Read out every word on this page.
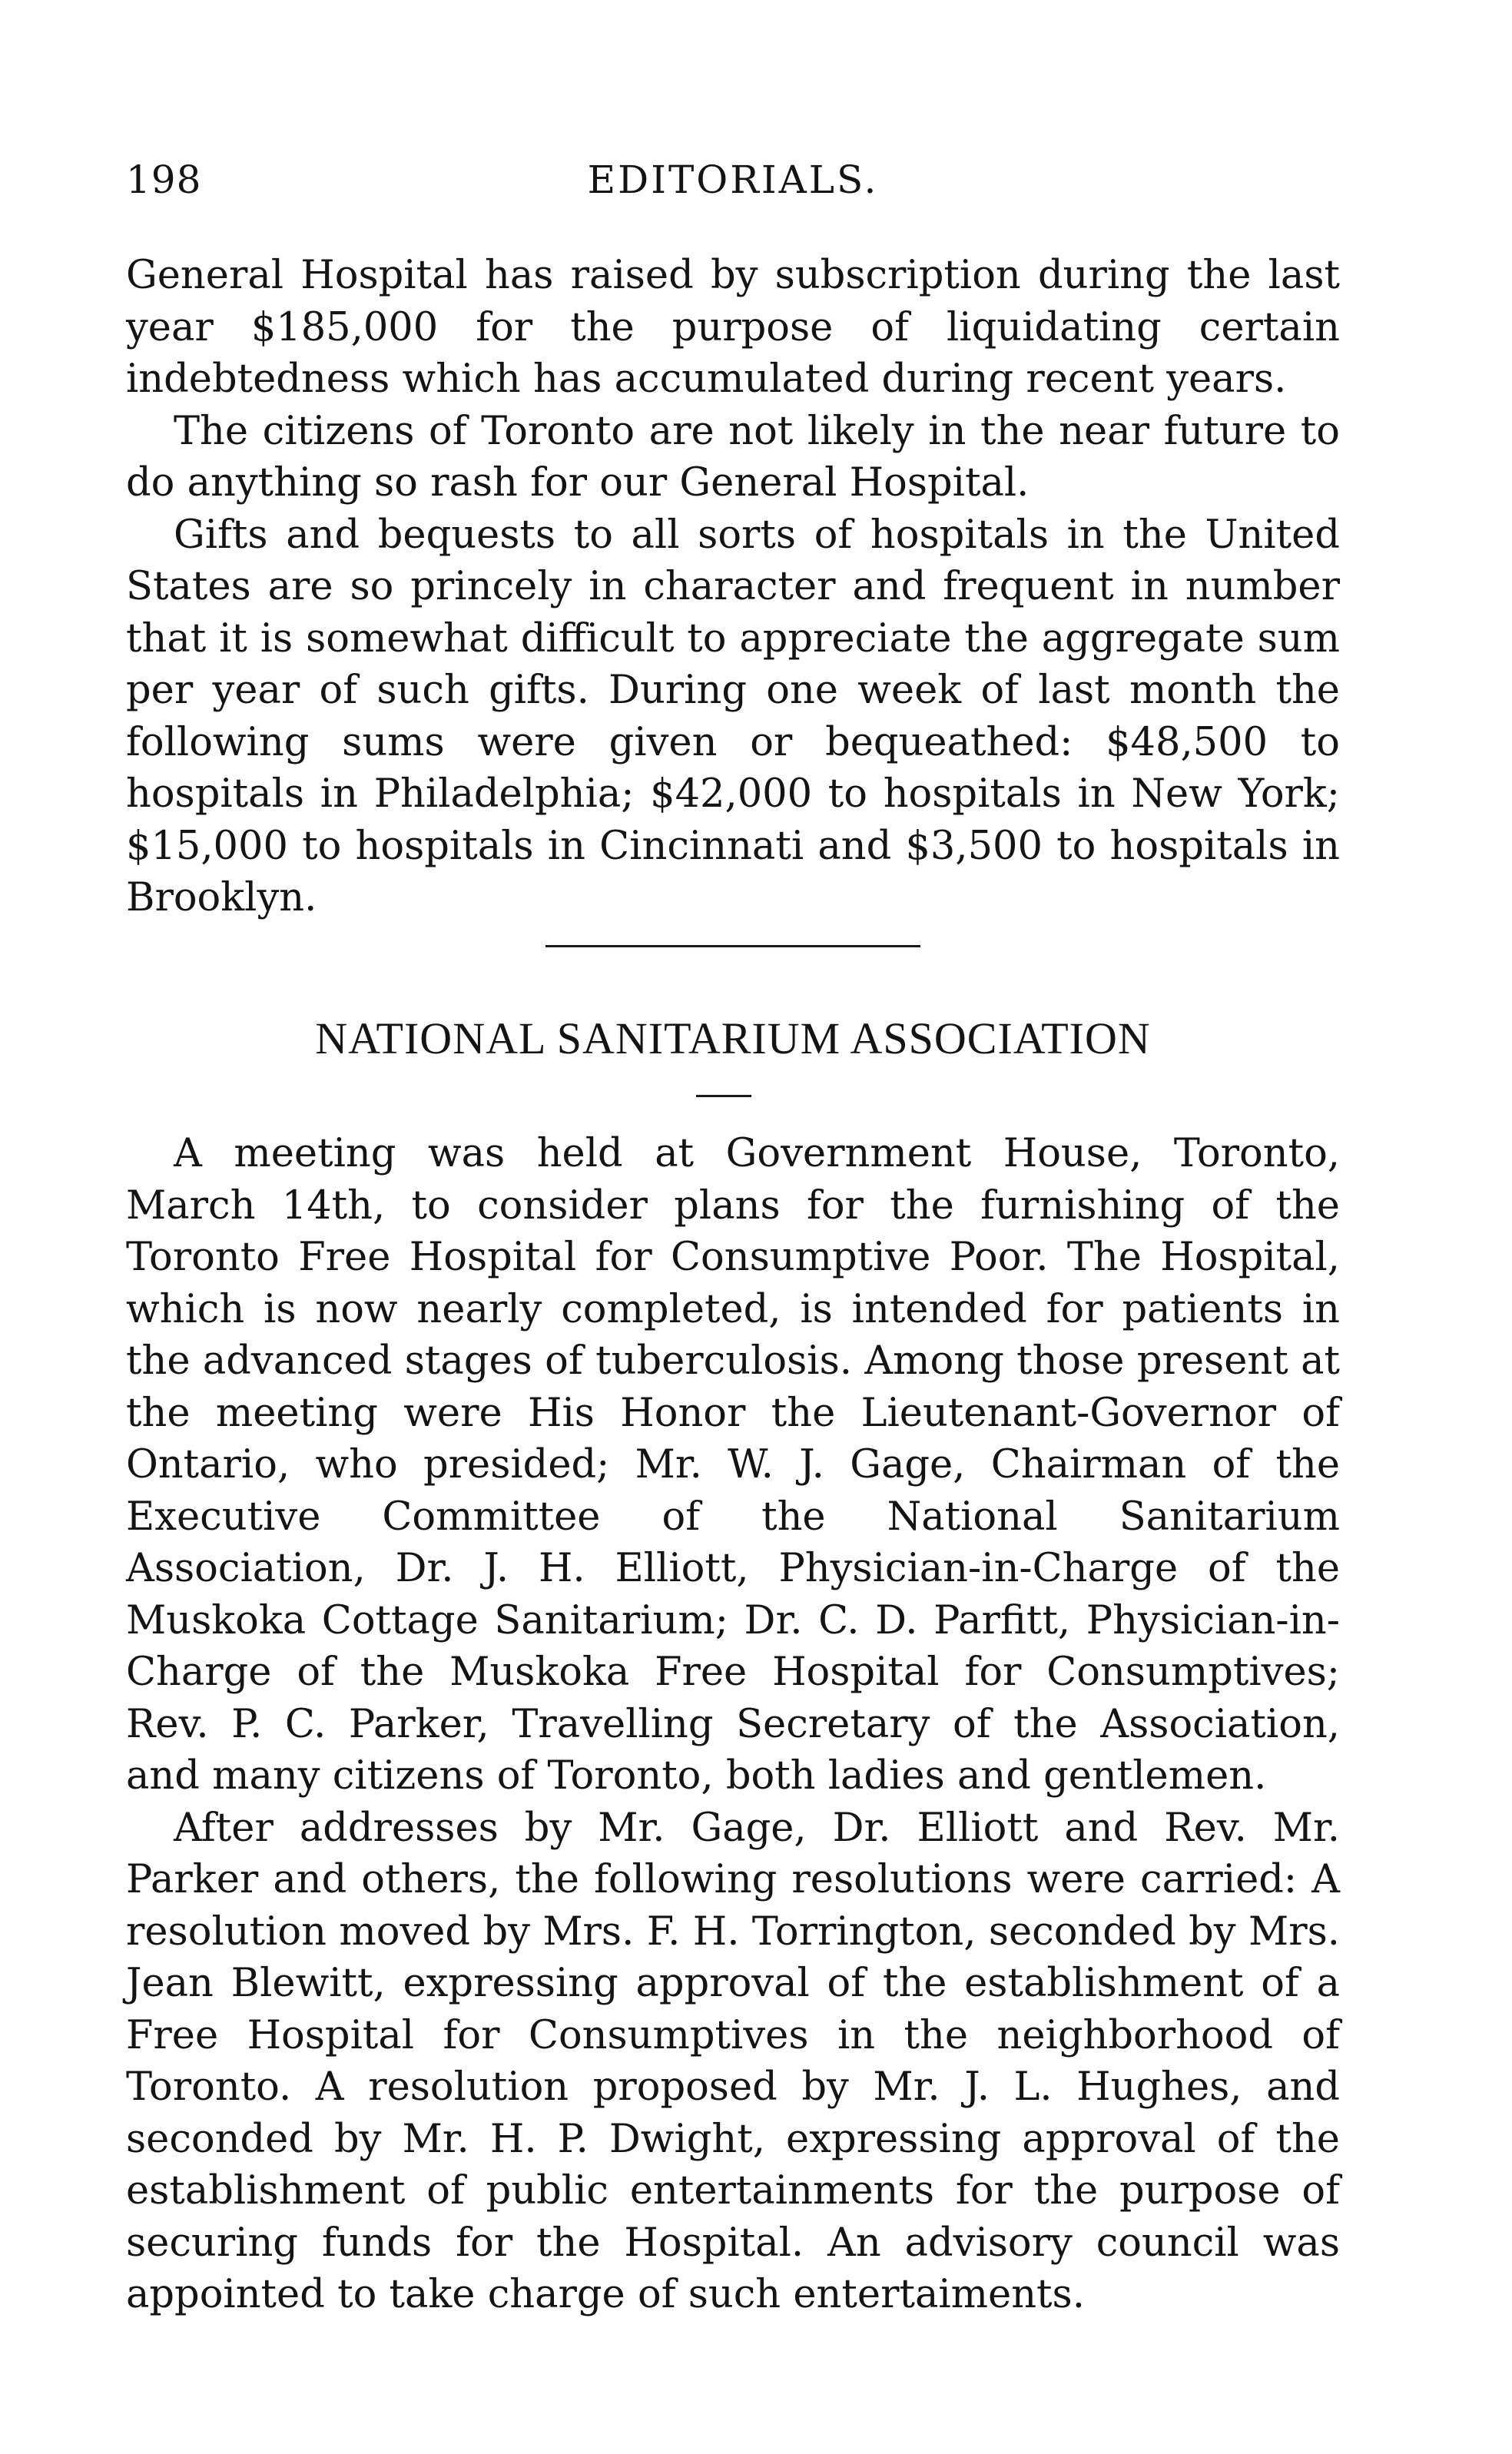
198	EDITORIALS.

General Hospital has raised by subscription during the last year $185,000 for the purpose of liquidating certain indebtedness which has accumulated during recent years.

The citizens of Toronto are not likely in the near future to do anything so rash for our General Hospital.

Gifts and bequests to all sorts of hospitals in the United States are so princely in character and frequent in number that it is somewhat difficult to appreciate the aggregate sum per year of such gifts. During one week of last month the following sums were given or bequeathed: $48,500 to hospitals in Philadelphia; $42,000 to hospitals in New York; $15,000 to hospitals in Cincinnati and $3,500 to hospitals in Brooklyn.

NATIONAL SANITARIUM ASSOCIATION

A meeting was held at Government House, Toronto, March 14th, to consider plans for the furnishing of the Toronto Free Hospital for Consumptive Poor. The Hospital, which is now nearly completed, is intended for patients in the advanced stages of tuberculosis. Among those present at the meeting were His Honor the Lieutenant-Governor of Ontario, who presided; Mr. W. J. Gage, Chairman of the Executive Committee of the National Sanitarium Association, Dr. J. H. Elliott, Physician-in-Charge of the Muskoka Cottage Sanitarium; Dr. C. D. Parfitt, Physician-in-Charge of the Muskoka Free Hospital for Consumptives; Rev. P. C. Parker, Travelling Secretary of the Association, and many citizens of Toronto, both ladies and gentlemen.

After addresses by Mr. Gage, Dr. Elliott and Rev. Mr. Parker and others, the following resolutions were carried: A resolution moved by Mrs. F. H. Torrington, seconded by Mrs. Jean Blewitt, expressing approval of the establishment of a Free Hospital for Consumptives in the neighborhood of Toronto. A resolution proposed by Mr. J. L. Hughes, and seconded by Mr. H. P. Dwight, expressing approval of the establishment of public entertainments for the purpose of securing funds for the Hospital. An advisory council was appointed to take charge of such entertaiments.
